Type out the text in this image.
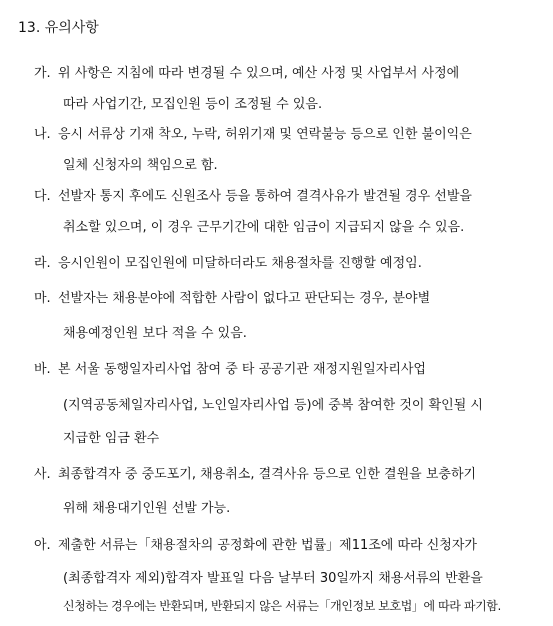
13. 유의사항
가. 위 사항은 지침에 따라 변경될 수 있으며, 예산 사정 및 사업부서 사정에
따라 사업기간, 모집인원 등이 조정될 수 있음.
나. 응시 서류상 기재 착오, 누락, 허위기재 및 연락불능 등으로 인한 불이익은
일체 신청자의 책임으로 함.
다. 선발자 통지 후에도 신원조사 등을 통하여 결격사유가 발견될 경우 선발을
취소할 있으며, 이 경우 근무기간에 대한 임금이 지급되지 않을 수 있음.
라. 응시인원이 모집인원에 미달하더라도 채용절차를 진행할 예정임.
마. 선발자는 채용분야에 적합한 사람이 없다고 판단되는 경우, 분야별
채용예정인원 보다 적을 수 있음.
바. 본 서울 동행일자리사업 참여 중 타 공공기관 재정지원일자리사업
(지역공동체일자리사업, 노인일자리사업 등)에 중복 참여한 것이 확인될 시
지급한 임금 환수
사. 최종합격자 중 중도포기, 채용취소, 결격사유 등으로 인한 결원을 보충하기
위해 채용대기인원 선발 가능.
아. 제출한 서류는「채용절차의 공정화에 관한 법률」제11조에 따라 신청자가
(최종합격자 제외)합격자 발표일 다음 날부터 30일까지 채용서류의 반환을
신청하는 경우에는 반환되며, 반환되지 않은 서류는「개인정보 보호법」에 따라 파기함.
